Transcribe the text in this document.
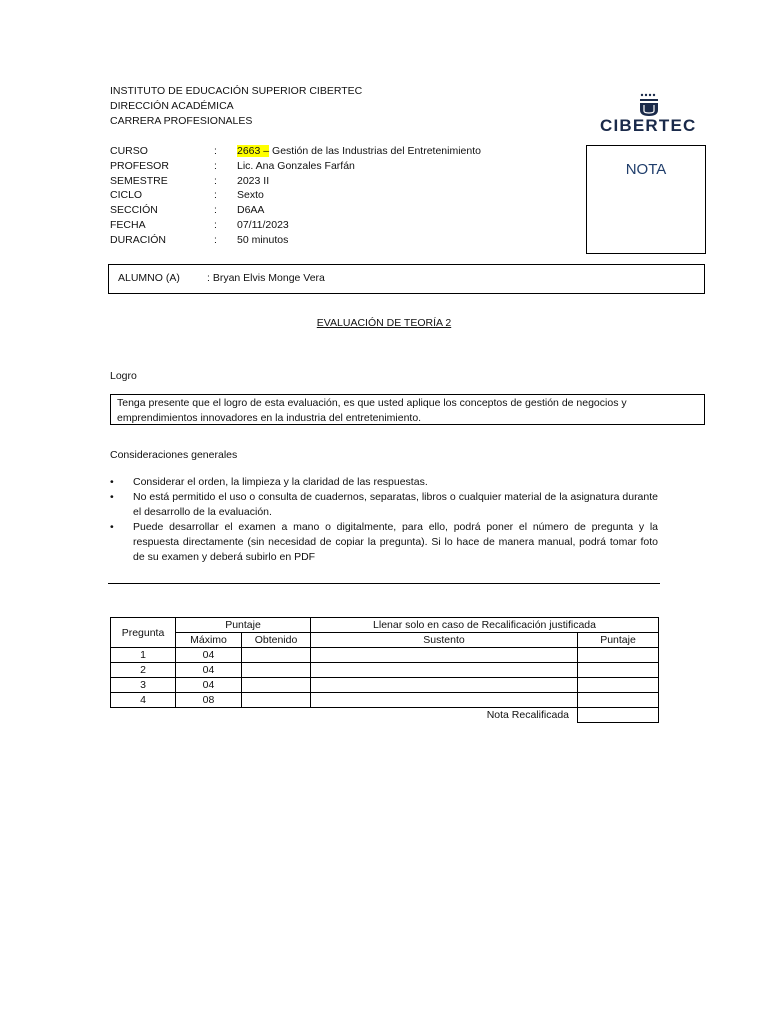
INSTITUTO DE EDUCACIÓN SUPERIOR CIBERTEC
DIRECCIÓN ACADÉMICA
CARRERA PROFESIONALES	CIBERTEC
CURSO	: 2663 – Gestión de las Industrias del Entretenimiento
PROFESOR	: Lic. Ana Gonzales Farfán
SEMESTRE	: 2023 II
CICLO	: Sexto
SECCIÓN	: D6AA
FECHA	: 07/11/2023
DURACIÓN	: 50 minutos
NOTA
ALUMNO (A)	: Bryan Elvis Monge Vera
EVALUACIÓN DE TEORÍA 2
Logro
Tenga presente que el logro de esta evaluación, es que usted aplique los conceptos de gestión de negocios y emprendimientos innovadores en la industria del entretenimiento.
Consideraciones generales
• Considerar el orden, la limpieza y la claridad de las respuestas.
• No está permitido el uso o consulta de cuadernos, separatas, libros o cualquier material de la asignatura durante el desarrollo de la evaluación.
• Puede desarrollar el examen a mano o digitalmente, para ello, podrá poner el número de pregunta y la respuesta directamente (sin necesidad de copiar la pregunta). Si lo hace de manera manual, podrá tomar foto de su examen y deberá subirlo en PDF
Pregunta	Puntaje		Llenar solo en caso de Recalificación justificada	
	Máximo	Obtenido	Sustento	Puntaje
1	04			
2	04			
3	04			
4	08			
Nota Recalificada				
